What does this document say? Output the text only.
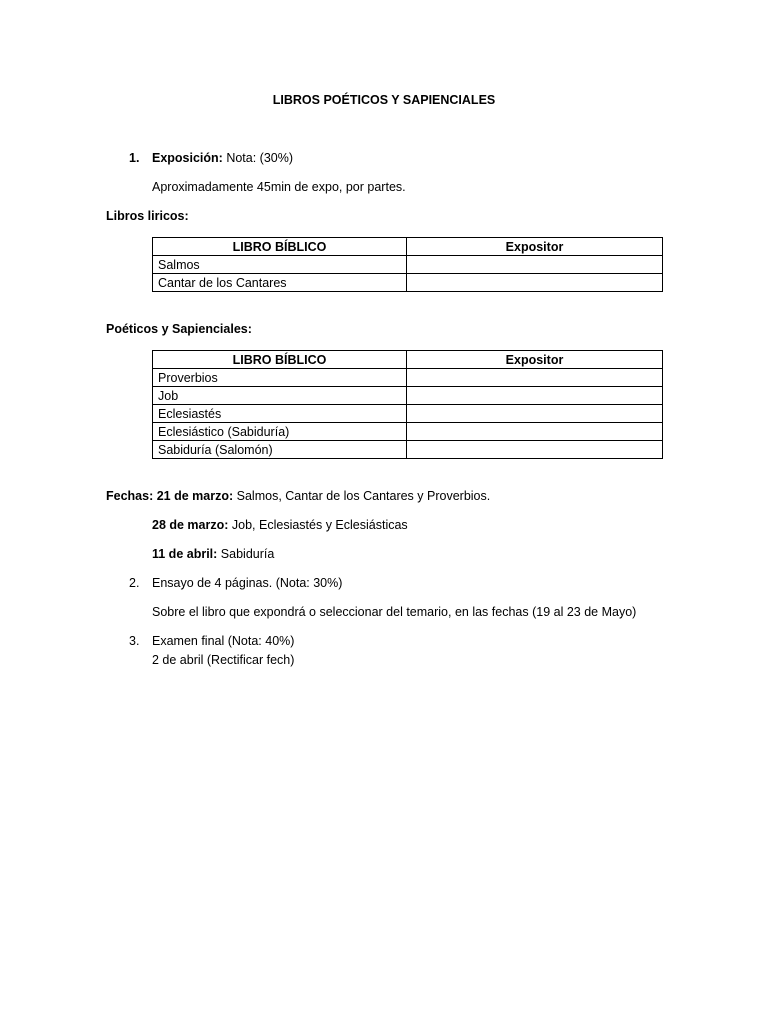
LIBROS POÉTICOS Y SAPIENCIALES
1. Exposición: Nota: (30%)
Aproximadamente 45min de expo, por partes.
Libros liricos:
LIBRO BÍBLICO	Expositor
Salmos	
Cantar de los Cantares	
Poéticos y Sapienciales:
LIBRO BÍBLICO	Expositor
Proverbios	
Job	
Eclesiastés	
Eclesiástico (Sabiduría)	
Sabiduría (Salomón)	
Fechas: 21 de marzo: Salmos, Cantar de los Cantares y Proverbios.
28 de marzo: Job, Eclesiastés y Eclesiásticas
11 de abril: Sabiduría
2. Ensayo de 4 páginas. (Nota: 30%)
Sobre el libro que expondrá o seleccionar del temario, en las fechas (19 al 23 de Mayo)
3. Examen final (Nota: 40%)
2 de abril (Rectificar fech)
